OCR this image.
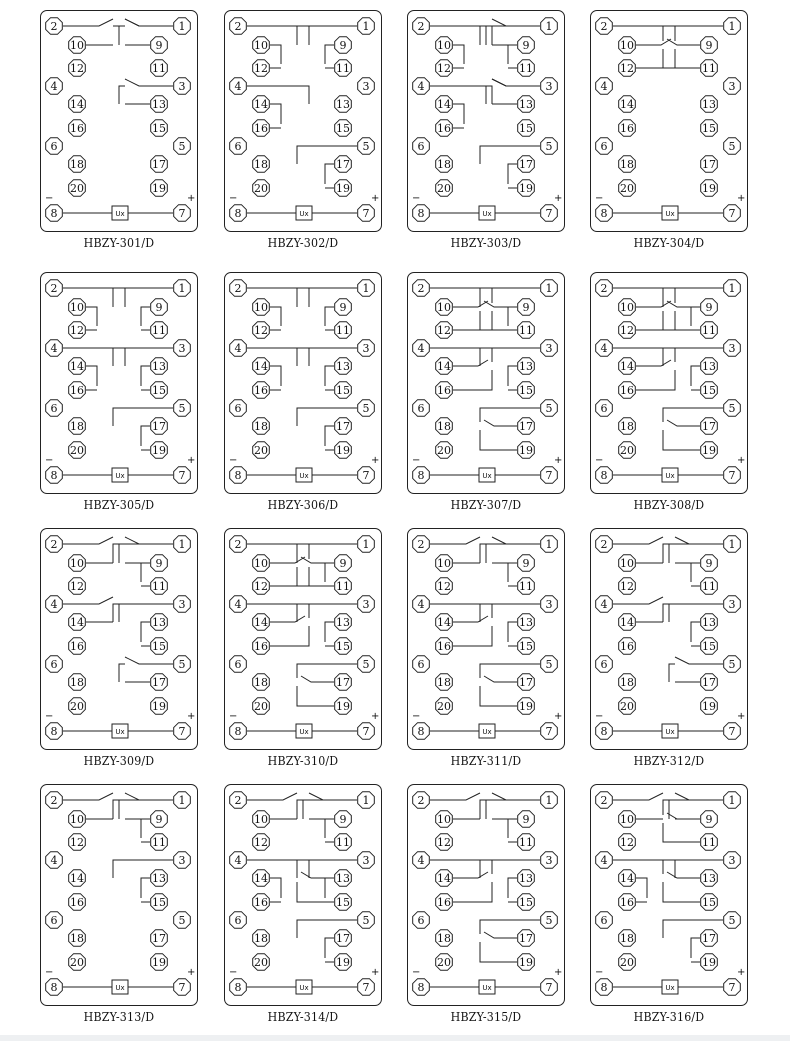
Ux
−	+
1
2
3
4
5
6
7
8
9
10
11
12
13
14
15
16
17
18
19
20
HBZY-301/D
Ux
−	+
1
2
3
4
5
6
7
8
9
10
11
12
13
14
15
16
17
18
19
20
HBZY-302/D
Ux
−	+
1
2
3
4
5
6
7
8
9
10
11
12
13
14
15
16
17
18
19
20
HBZY-303/D
Ux
−	+
1
2
3
4
5
6
7
8
9
10
11
12
13
14
15
16
17
18
19
20
HBZY-304/D
Ux
−	+
1
2
3
4
5
6
7
8
9
10
11
12
13
14
15
16
17
18
19
20
HBZY-305/D
Ux
−	+
1
2
3
4
5
6
7
8
9
10
11
12
13
14
15
16
17
18
19
20
HBZY-306/D
Ux
−	+
1
2
3
4
5
6
7
8
9
10
11
12
13
14
15
16
17
18
19
20
HBZY-307/D
Ux
−	+
1
2
3
4
5
6
7
8
9
10
11
12
13
14
15
16
17
18
19
20
HBZY-308/D
Ux
−	+
1
2
3
4
5
6
7
8
9
10
11
12
13
14
15
16
17
18
19
20
HBZY-309/D
Ux
−	+
1
2
3
4
5
6
7
8
9
10
11
12
13
14
15
16
17
18
19
20
HBZY-310/D
Ux
−	+
1
2
3
4
5
6
7
8
9
10
11
12
13
14
15
16
17
18
19
20
HBZY-311/D
Ux
−	+
1
2
3
4
5
6
7
8
9
10
11
12
13
14
15
16
17
18
19
20
HBZY-312/D
Ux
−	+
1
2
3
4
5
6
7
8
9
10
11
12
13
14
15
16
17
18
19
20
HBZY-313/D
Ux
−	+
1
2
3
4
5
6
7
8
9
10
11
12
13
14
15
16
17
18
19
20
HBZY-314/D
Ux
−	+
1
2
3
4
5
6
7
8
9
10
11
12
13
14
15
16
17
18
19
20
HBZY-315/D
Ux
−	+
1
2
3
4
5
6
7
8
9
10
11
12
13
14
15
16
17
18
19
20
HBZY-316/D
